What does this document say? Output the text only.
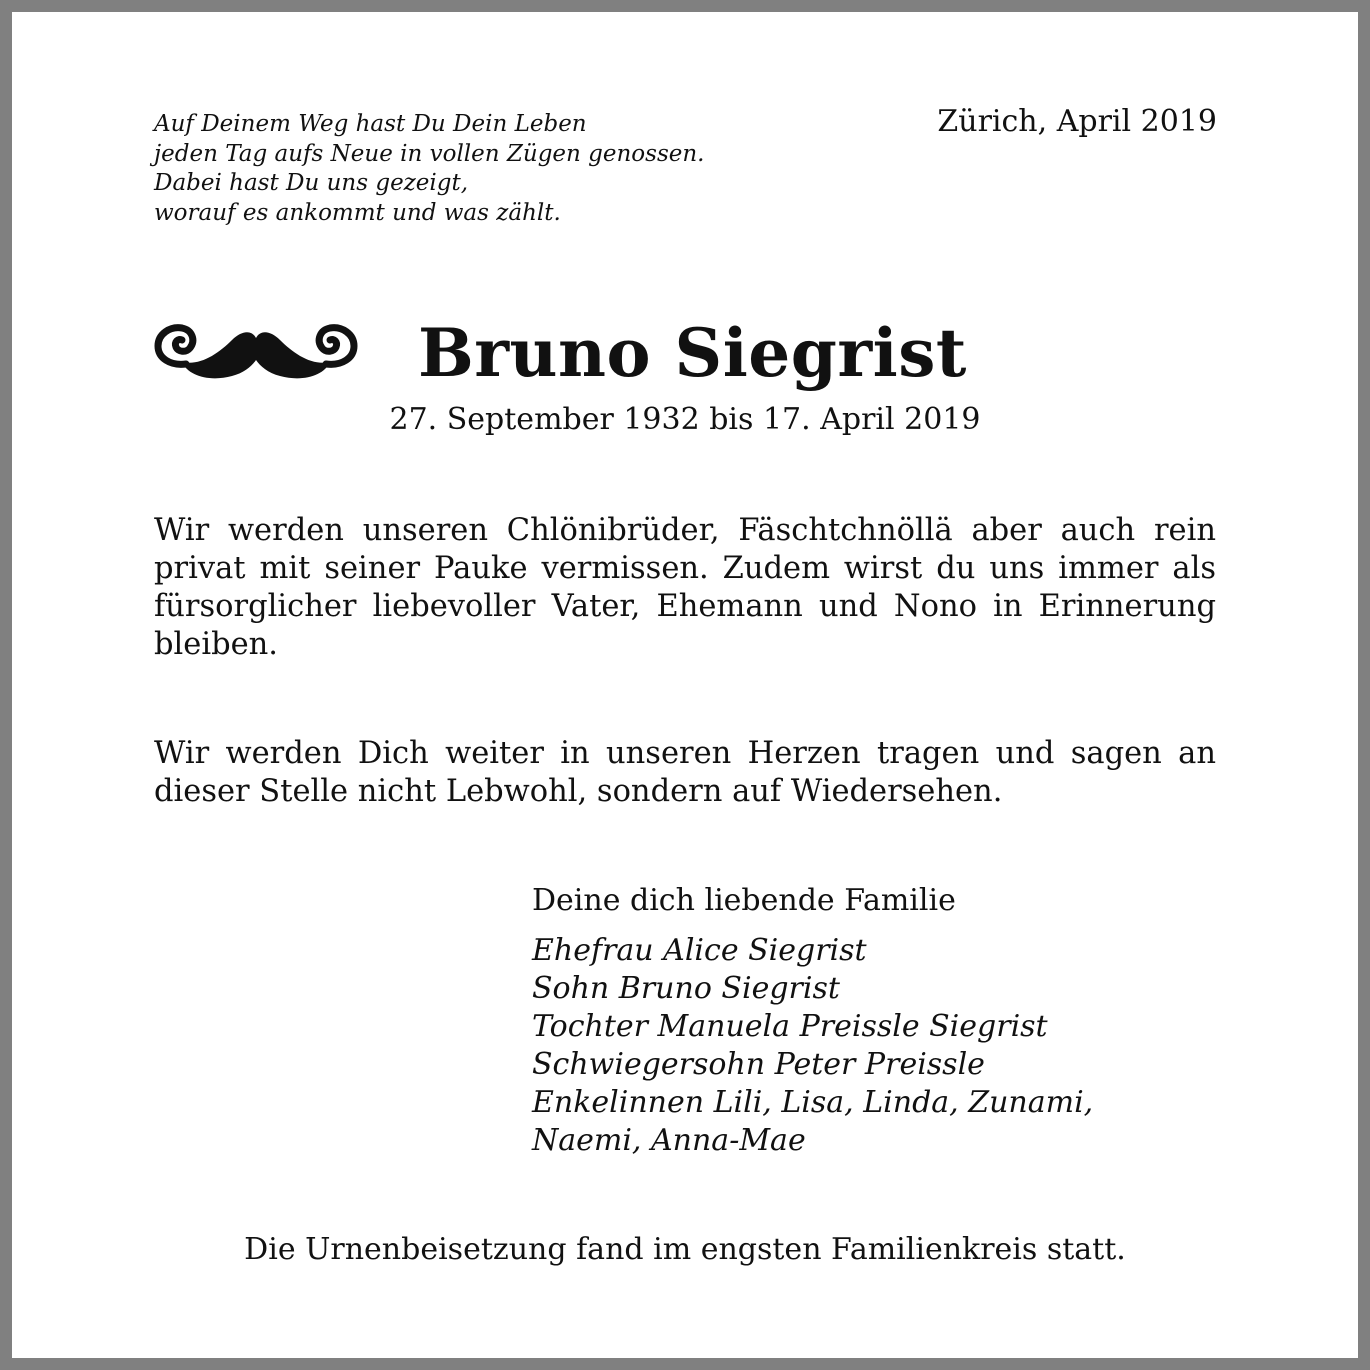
Auf Deinem Weg hast Du Dein Leben
jeden Tag aufs Neue in vollen Zügen genossen.
Dabei hast Du uns gezeigt,
worauf es ankommt und was zählt.
Zürich, April 2019
Bruno Siegrist
27. September 1932 bis 17. April 2019
Wir werden unseren Chlönibrüder, Fäschtchnöllä aber auch rein privat mit seiner Pauke vermissen. Zudem wirst du uns immer als fürsorglicher liebevoller Vater, Ehemann und Nono in Erinnerung bleiben.
Wir werden Dich weiter in unseren Herzen tragen und sagen an dieser Stelle nicht Lebwohl, sondern auf Wiedersehen.
Deine dich liebende Familie
Ehefrau Alice Siegrist
Sohn Bruno Siegrist
Tochter Manuela Preissle Siegrist
Schwiegersohn Peter Preissle
Enkelinnen Lili, Lisa, Linda, Zunami,
Naemi, Anna-Mae
Die Urnenbeisetzung fand im engsten Familienkreis statt.
